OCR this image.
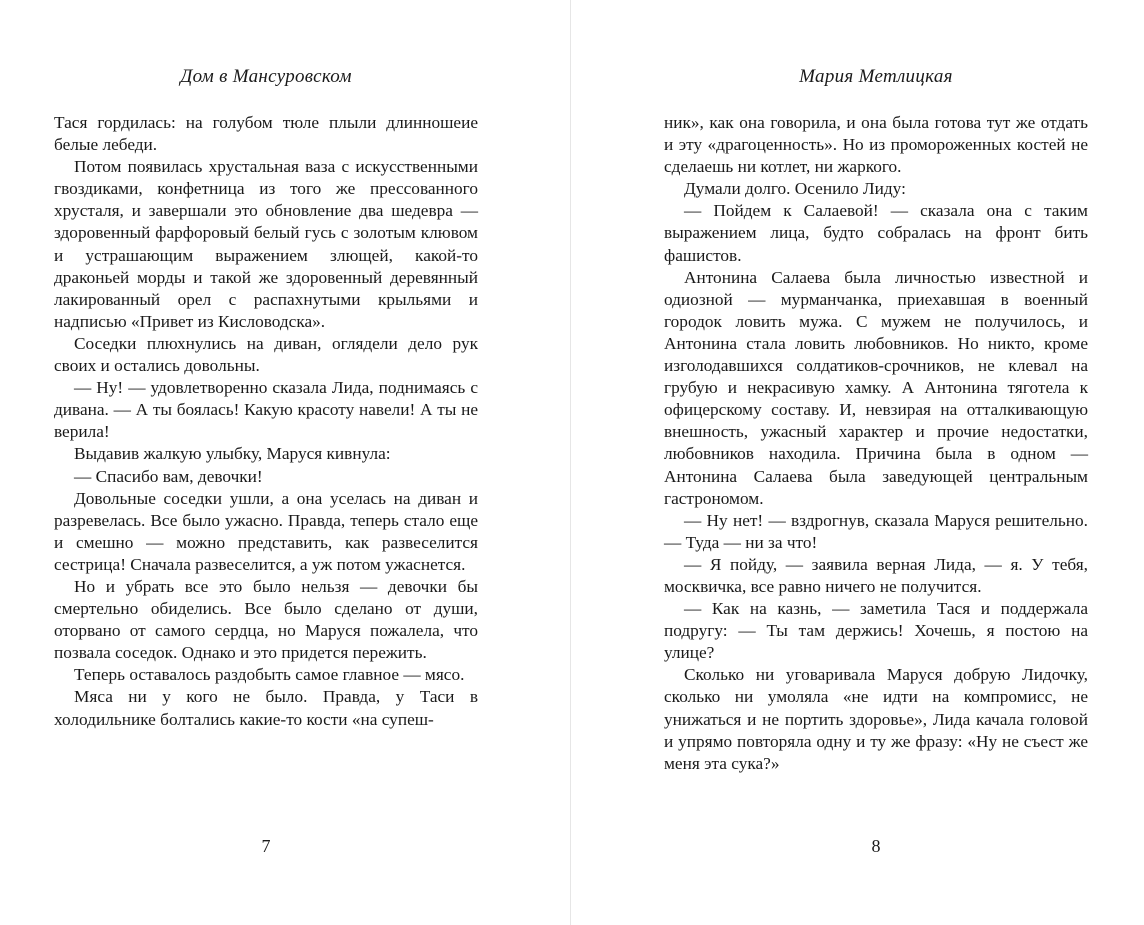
Дом в Мансуровском

Тася гордилась: на голубом тюле плыли длинношеие белые лебеди.

Потом появилась хрустальная ваза с искусственными гвоздиками, конфетница из того же прессованного хрусталя, и завершали это обновление два шедевра — здоровенный фарфоровый белый гусь с золотым клювом и устрашающим выражением злющей, какой-то драконьей морды и такой же здоровенный деревянный лакированный орел с распахнутыми крыльями и надписью «Привет из Кисловодска».

Соседки плюхнулись на диван, оглядели дело рук своих и остались довольны.

— Ну! — удовлетворенно сказала Лида, поднимаясь с дивана. — А ты боялась! Какую красоту навели! А ты не верила!

Выдавив жалкую улыбку, Маруся кивнула:

— Спасибо вам, девочки!

Довольные соседки ушли, а она уселась на диван и разревелась. Все было ужасно. Правда, теперь стало еще и смешно — можно представить, как развеселится сестрица! Сначала развеселится, а уж потом ужаснется.

Но и убрать все это было нельзя — девочки бы смертельно обиделись. Все было сделано от души, оторвано от самого сердца, но Маруся пожалела, что позвала соседок. Однако и это придется пережить.

Теперь оставалось раздобыть самое главное — мясо.

Мяса ни у кого не было. Правда, у Таси в холодильнике болтались какие-то кости «на супеш-

7
Мария Метлицкая

ник», как она говорила, и она была готова тут же отдать и эту «драгоценность». Но из промороженных костей не сделаешь ни котлет, ни жаркого.

Думали долго. Осенило Лиду:

— Пойдем к Салаевой! — сказала она с таким выражением лица, будто собралась на фронт бить фашистов.

Антонина Салаева была личностью известной и одиозной — мурманчанка, приехавшая в военный городок ловить мужа. С мужем не получилось, и Антонина стала ловить любовников. Но никто, кроме изголодавшихся солдатиков-срочников, не клевал на грубую и некрасивую хамку. А Антонина тяготела к офицерскому составу. И, невзирая на отталкивающую внешность, ужасный характер и прочие недостатки, любовников находила. Причина была в одном — Антонина Салаева была заведующей центральным гастрономом.

— Ну нет! — вздрогнув, сказала Маруся решительно. — Туда — ни за что!

— Я пойду, — заявила верная Лида, — я. У тебя, москвичка, все равно ничего не получится.

— Как на казнь, — заметила Тася и поддержала подругу: — Ты там держись! Хочешь, я постою на улице?

Сколько ни уговаривала Маруся добрую Лидочку, сколько ни умоляла «не идти на компромисс, не унижаться и не портить здоровье», Лида качала головой и упрямо повторяла одну и ту же фразу: «Ну не съест же меня эта сука?»

8
